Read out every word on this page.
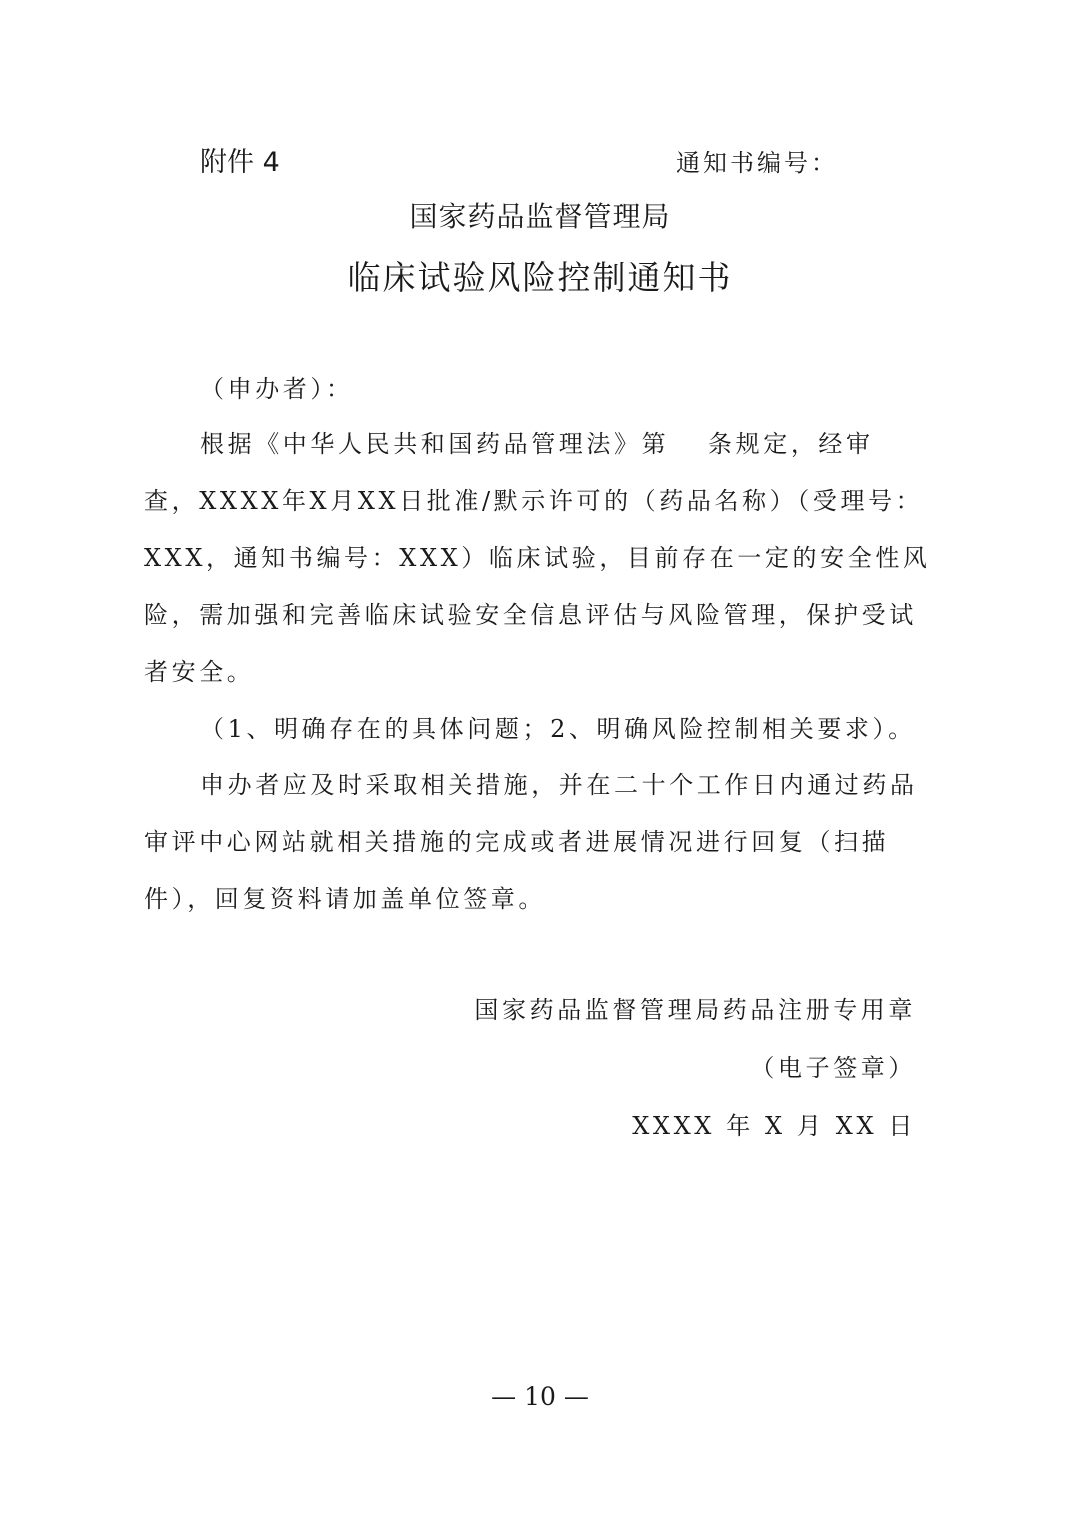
附件 4	通知书编号：
国家药品监督管理局
临床试验风险控制通知书
（申办者）：
根据《中华人民共和国药品管理法》第　 条规定，经审
查，XXXX年X月XX日批准/默示许可的（药品名称）（受理号：
XXX，通知书编号：XXX）临床试验，目前存在一定的安全性风
险，需加强和完善临床试验安全信息评估与风险管理，保护受试
者安全。
（1、明确存在的具体问题；2、明确风险控制相关要求）。
申办者应及时采取相关措施，并在二十个工作日内通过药品
审评中心网站就相关措施的完成或者进展情况进行回复（扫描
件），回复资料请加盖单位签章。
国家药品监督管理局药品注册专用章
（电子签章）
XXXX 年 X 月 XX 日
— 10 —
